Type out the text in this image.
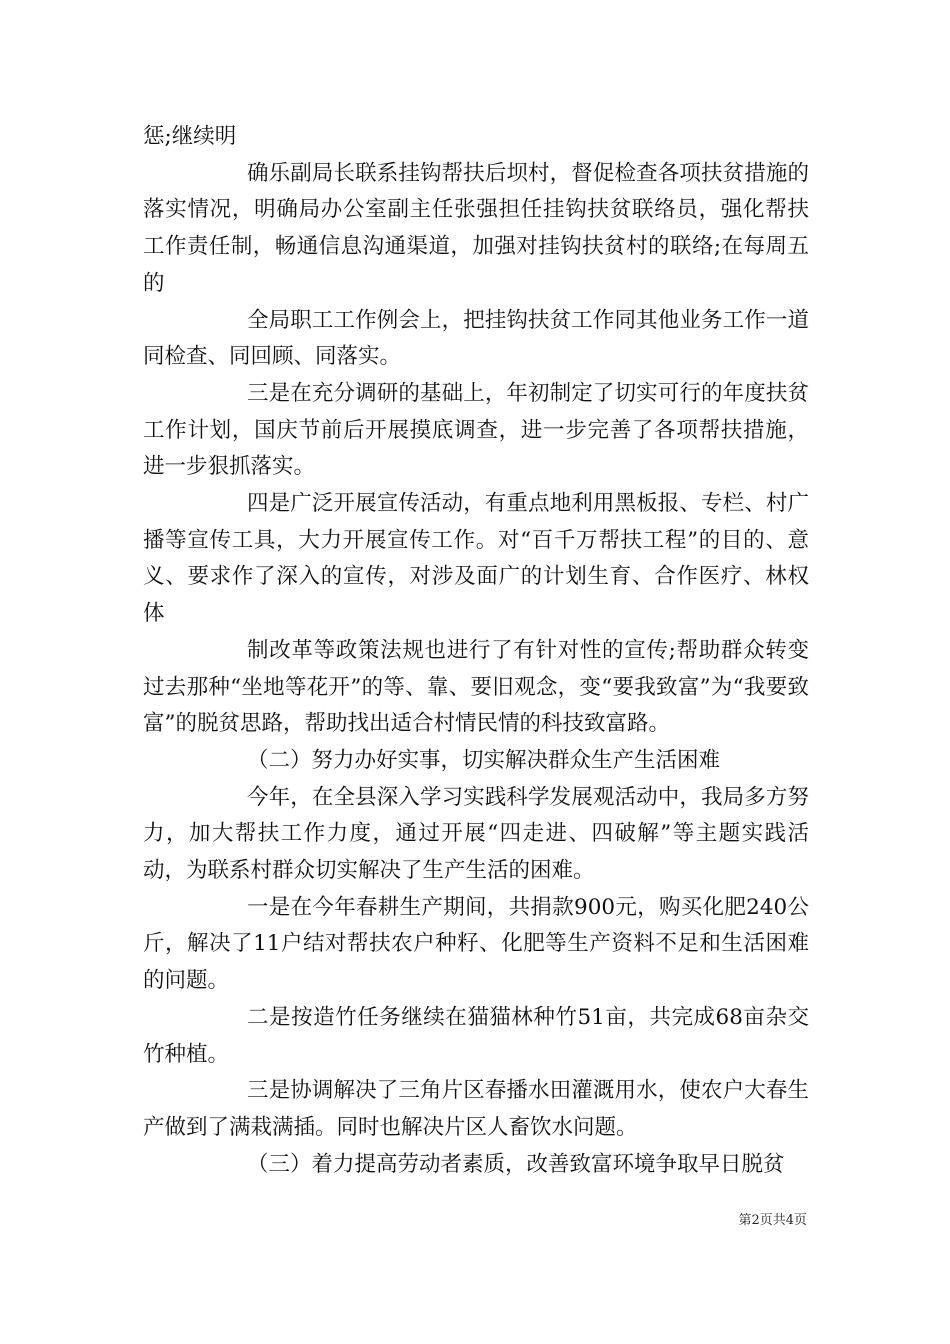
惩;继续明

确乐副局长联系挂钩帮扶后坝村，督促检查各项扶贫措施的落实情况，明确局办公室副主任张强担任挂钩扶贫联络员，强化帮扶工作责任制，畅通信息沟通渠道，加强对挂钩扶贫村的联络;在每周五的

全局职工工作例会上，把挂钩扶贫工作同其他业务工作一道同检查、同回顾、同落实。

三是在充分调研的基础上，年初制定了切实可行的年度扶贫工作计划，国庆节前后开展摸底调查，进一步完善了各项帮扶措施，进一步狠抓落实。

四是广泛开展宣传活动，有重点地利用黑板报、专栏、村广播等宣传工具，大力开展宣传工作。对“百千万帮扶工程”的目的、意义、要求作了深入的宣传，对涉及面广的计划生育、合作医疗、林权体

制改革等政策法规也进行了有针对性的宣传;帮助群众转变过去那种“坐地等花开”的等、靠、要旧观念，变“要我致富”为“我要致富”的脱贫思路，帮助找出适合村情民情的科技致富路。

（二）努力办好实事，切实解决群众生产生活困难

今年，在全县深入学习实践科学发展观活动中，我局多方努力，加大帮扶工作力度，通过开展“四走进、四破解”等主题实践活动，为联系村群众切实解决了生产生活的困难。

一是在今年春耕生产期间，共捐款900元，购买化肥240公斤，解决了11户结对帮扶农户种籽、化肥等生产资料不足和生活困难的问题。

二是按造竹任务继续在猫猫林种竹51亩，共完成68亩杂交竹种植。

三是协调解决了三角片区春播水田灌溉用水，使农户大春生产做到了满栽满插。同时也解决片区人畜饮水问题。

（三）着力提高劳动者素质，改善致富环境争取早日脱贫

第2页共4页
